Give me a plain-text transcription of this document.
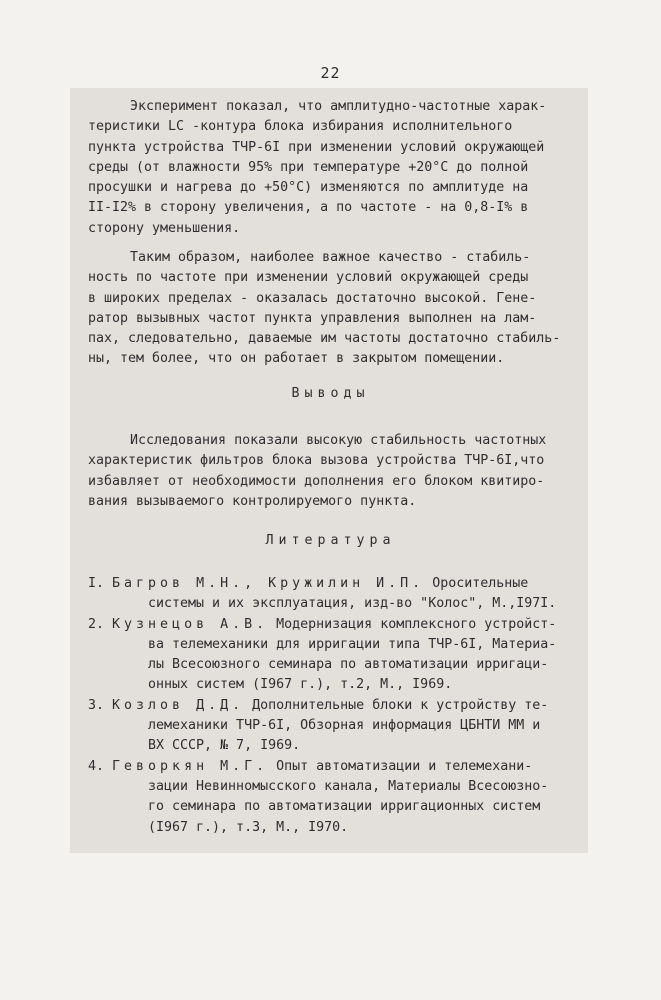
22
Эксперимент показал, что амплитудно-частотные харак-
теристики LC -контура блока избирания исполнительного
пункта устройства ТЧР-6I при изменении условий окружающей
среды (от влажности 95% при температуре +20°С до полной
просушки и нагрева до +50°С) изменяются по амплитуде на
II-I2% в сторону увеличения, а по частоте - на 0,8-I% в
сторону уменьшения.
Таким образом, наиболее важное качество - стабиль-
ность по частоте при изменении условий окружающей среды
в широких пределах - оказалась достаточно высокой. Гене-
ратор вызывных частот пункта управления выполнен на лам-
пах, следовательно, даваемые им частоты достаточно стабиль-
ны, тем более, что он работает в закрытом помещении.
Выводы
Исследования показали высокую стабильность частотных
характеристик фильтров блока вызова устройства ТЧР-6I,что
избавляет от необходимости дополнения его блоком квитиро-
вания вызываемого контролируемого пункта.
Литература
I. Багров М.Н., Кружилин И.П. Оросительные
системы и их эксплуатация, изд-во "Колос", М.,I97I.
2. Кузнецов А.В. Модернизация комплексного устройст-
ва телемеханики для ирригации типа ТЧР-6I, Материа-
лы Всесоюзного семинара по автоматизации ирригаци-
онных систем (I967 г.), т.2, М., I969.
3. Козлов Д.Д. Дополнительные блоки к устройству те-
лемеханики ТЧР-6I, Обзорная информация ЦБНТИ ММ и
ВХ СССР, № 7, I969.
4. Геворкян М.Г. Опыт автоматизации и телемехани-
зации Невинномысского канала, Материалы Всесоюзно-
го семинара по автоматизации ирригационных систем
(I967 г.), т.3, М., I970.
